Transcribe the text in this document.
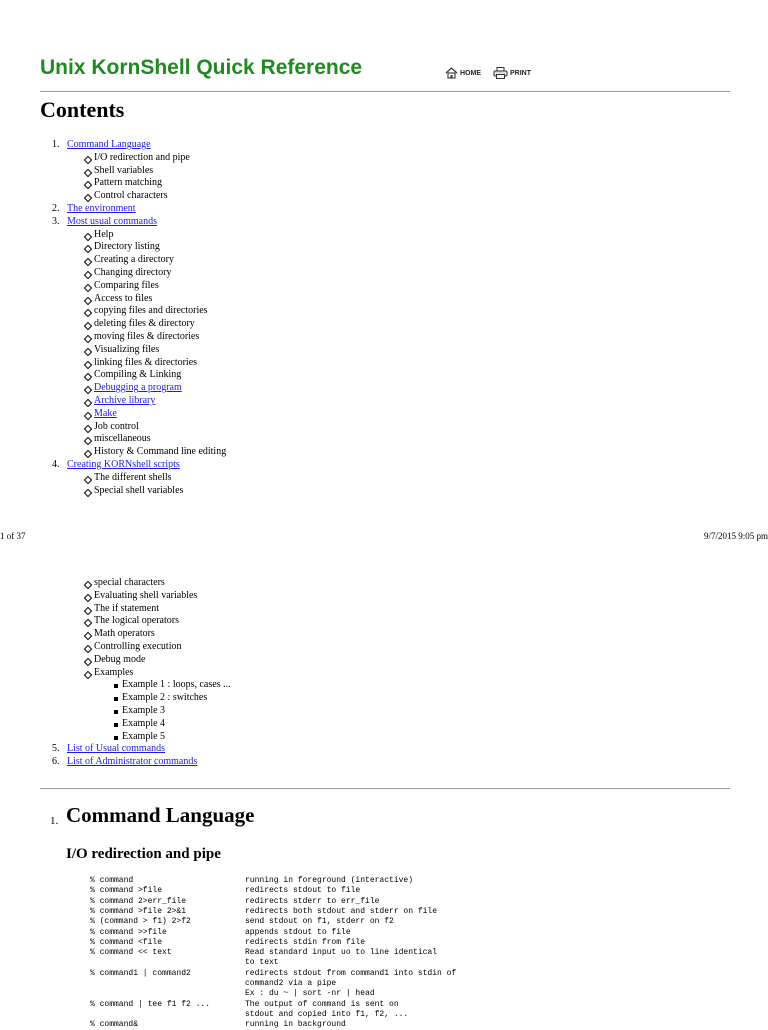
Unix KornShell Quick Reference	HOME	PRINT
Contents
1. Command Language
I/O redirection and pipe
Shell variables
Pattern matching
Control characters
2. The environment
3. Most usual commands
Help
Directory listing
Creating a directory
Changing directory
Comparing files
Access to files
copying files and directories
deleting files & directory
moving files & directories
Visualizing files
linking files & directories
Compiling & Linking
Debugging a program
Archive library
Make
Job control
miscellaneous
History & Command line editing
4. Creating KORNshell scripts
The different shells
Special shell variables
1 of 37	9/7/2015 9:05 pm
special characters
Evaluating shell variables
The if statement
The logical operators
Math operators
Controlling execution
Debug mode
Examples
Example 1 : loops, cases ...
Example 2 : switches
Example 3
Example 4
Example 5
5. List of Usual commands
6. List of Administrator commands
1. Command Language
I/O redirection and pipe
% command	running in foreground (interactive)
% command >file	redirects stdout to file
% command 2>err_file	redirects stderr to err_file
% command >file 2>&1	redirects both stdout and stderr on file
% (command > f1) 2>f2	send stdout on f1, stderr on f2
% command >>file	appends stdout to file
% command <file	redirects stdin from file
% command << text	Read standard input uo to line identical
to text
% command1 | command2	redirects stdout from command1 into stdin of
command2 via a pipe
Ex : du ~ | sort -nr | head
% command | tee f1 f2 ...	The output of command is sent on
stdout and copied into f1, f2, ...
% command&	running in background
